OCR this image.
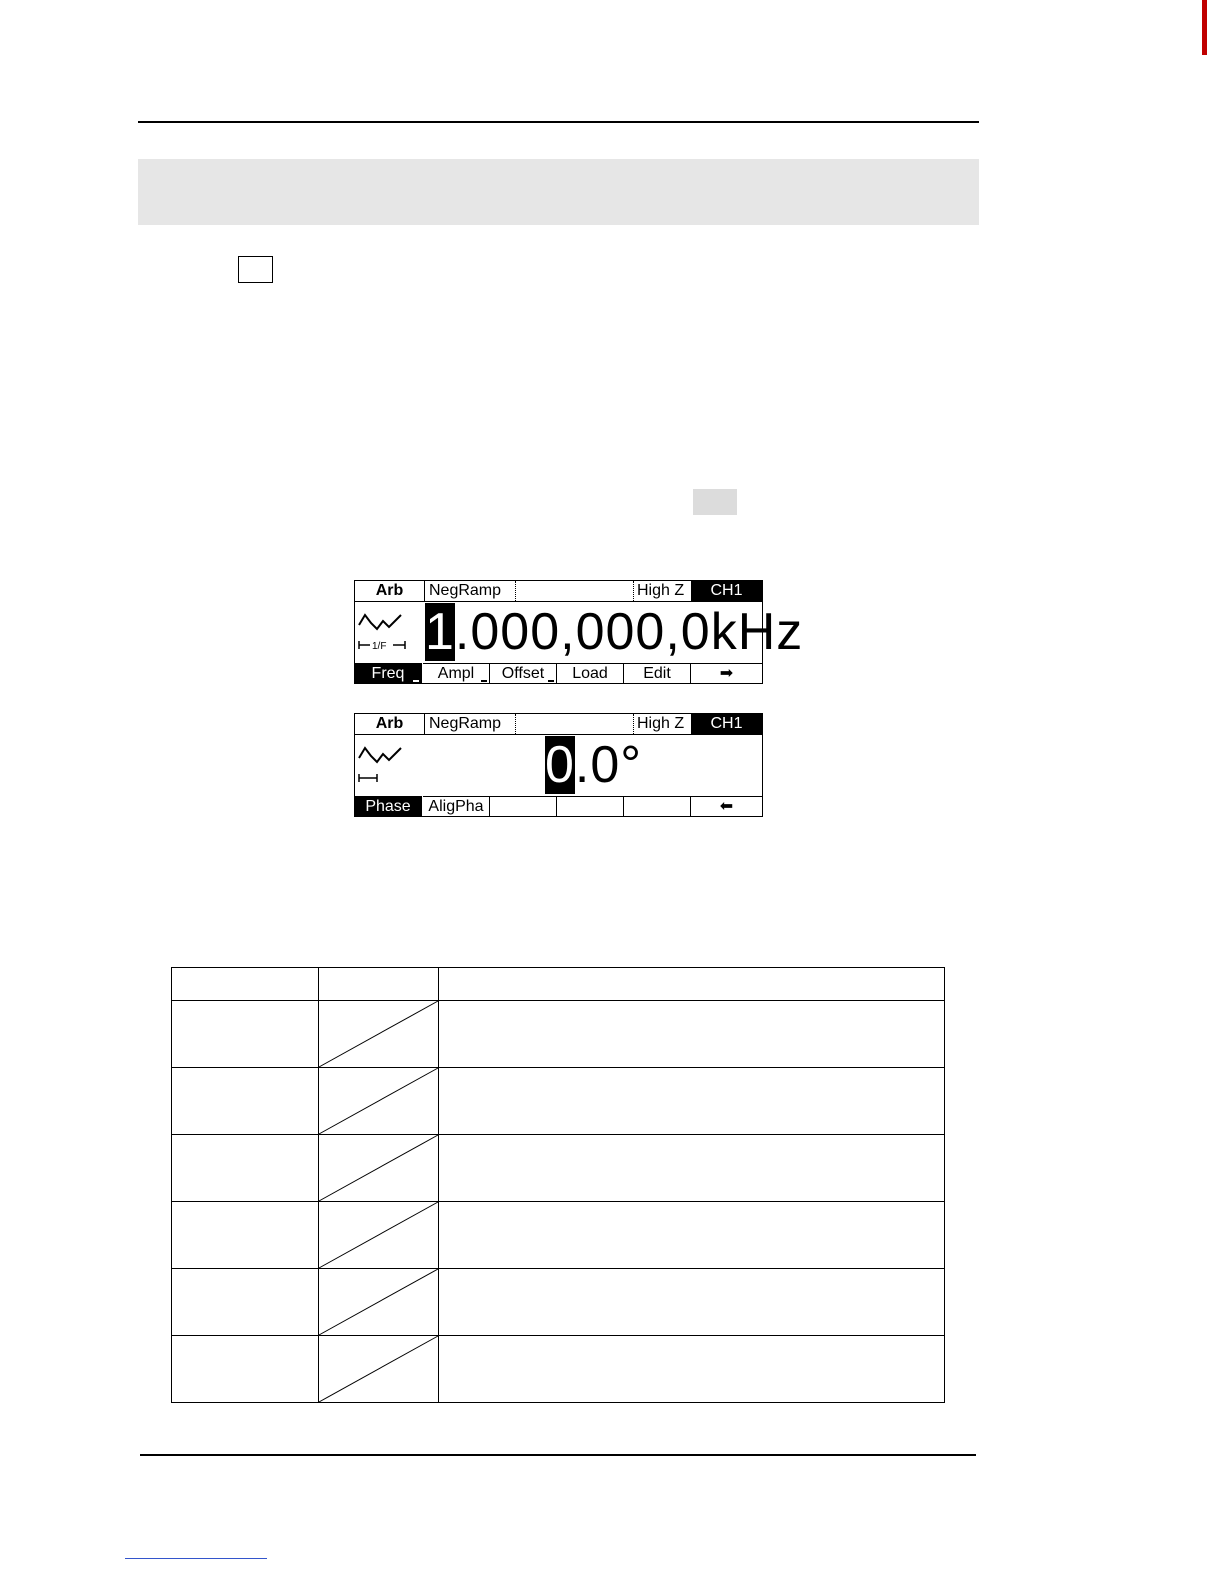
Arb	NegRamp	High Z	CH1
1/F 1.000,000,0kHz
Freq	Ampl	Offset	Load	Edit	➡
Arb	NegRamp	High Z	CH1
0.0°
Phase	AligPha	⬅
